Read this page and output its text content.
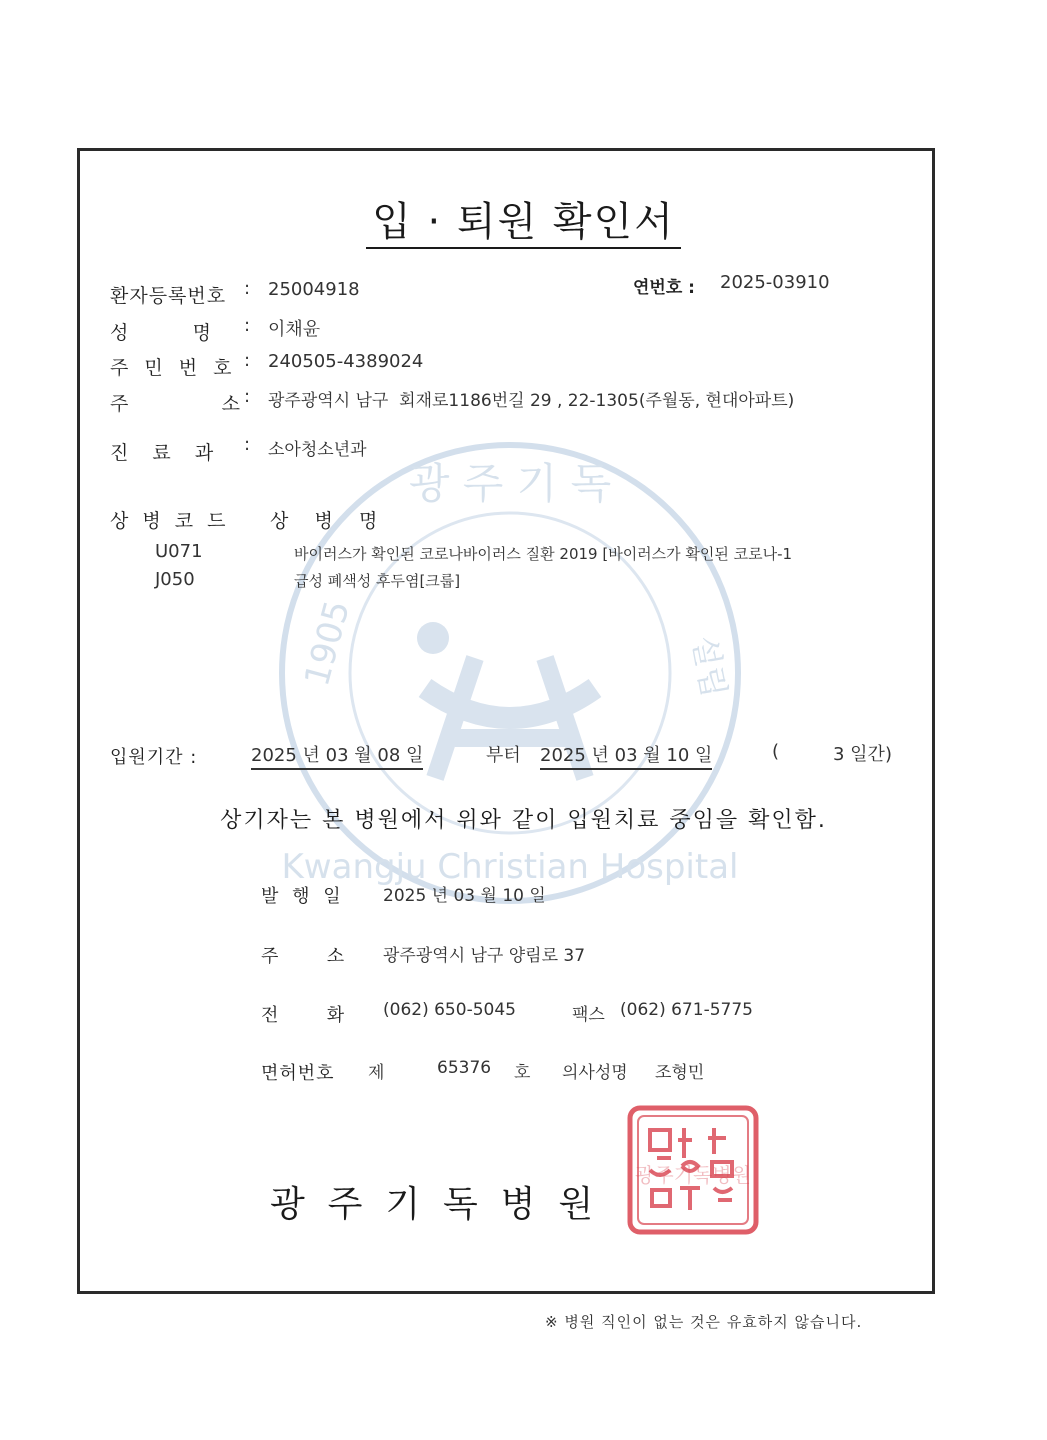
광 주 기 독
1905	설립
Kwangju Christian Hospital
입 · 퇴원 확인서
연번호 : 2025-03910
환자등록번호 : 25004918
성      명 : 이채윤
주 민 번 호 : 240505-4389024
주        소
: 광주광역시 남구  회재로1186번길 29 , 22-1305(주월동, 현대아파트)
진  료  과 : 소아청소년과
상 병 코 드 상   병   명
U071	바이러스가 확인된 코로나바이러스 질환 2019 [바이러스가 확인된 코로나-1
J050	급성 폐색성 후두염[크룹]
입원기간 :	2025 년 03 월 08 일	부터 2025 년 03 월 10 일	(	3 일간)
상기자는 본 병원에서 위와 같이 입원치료 중임을 확인함.
발 행 일 2025 년 03 월 10 일
주      소 광주광역시 남구 양림로 37
전      화 (062) 650-5045	팩스 (062) 671-5775
면허번호 제	65376 호 의사성명 조형민
광  주  기  독  병  원
광주기독병원
※ 병원 직인이 없는 것은 유효하지 않습니다.
